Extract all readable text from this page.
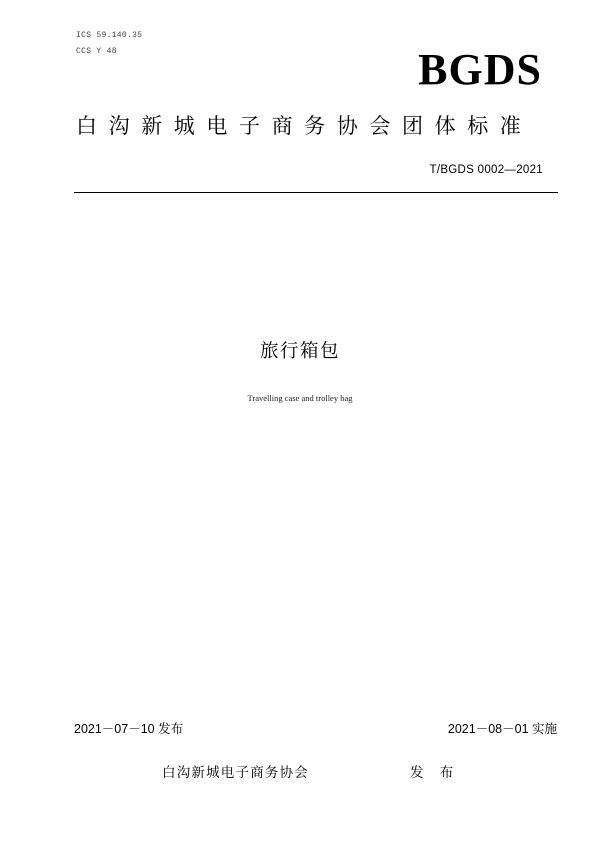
ICS 59.140.35
CCS Y 48	BGDS
白沟新城电子商务协会团体标准
T/BGDS 0002—2021
旅行箱包
Travelling case and trolley bag
2021－07－10 发布	2021－08－01 实施
白沟新城电子商务协会	发 布
